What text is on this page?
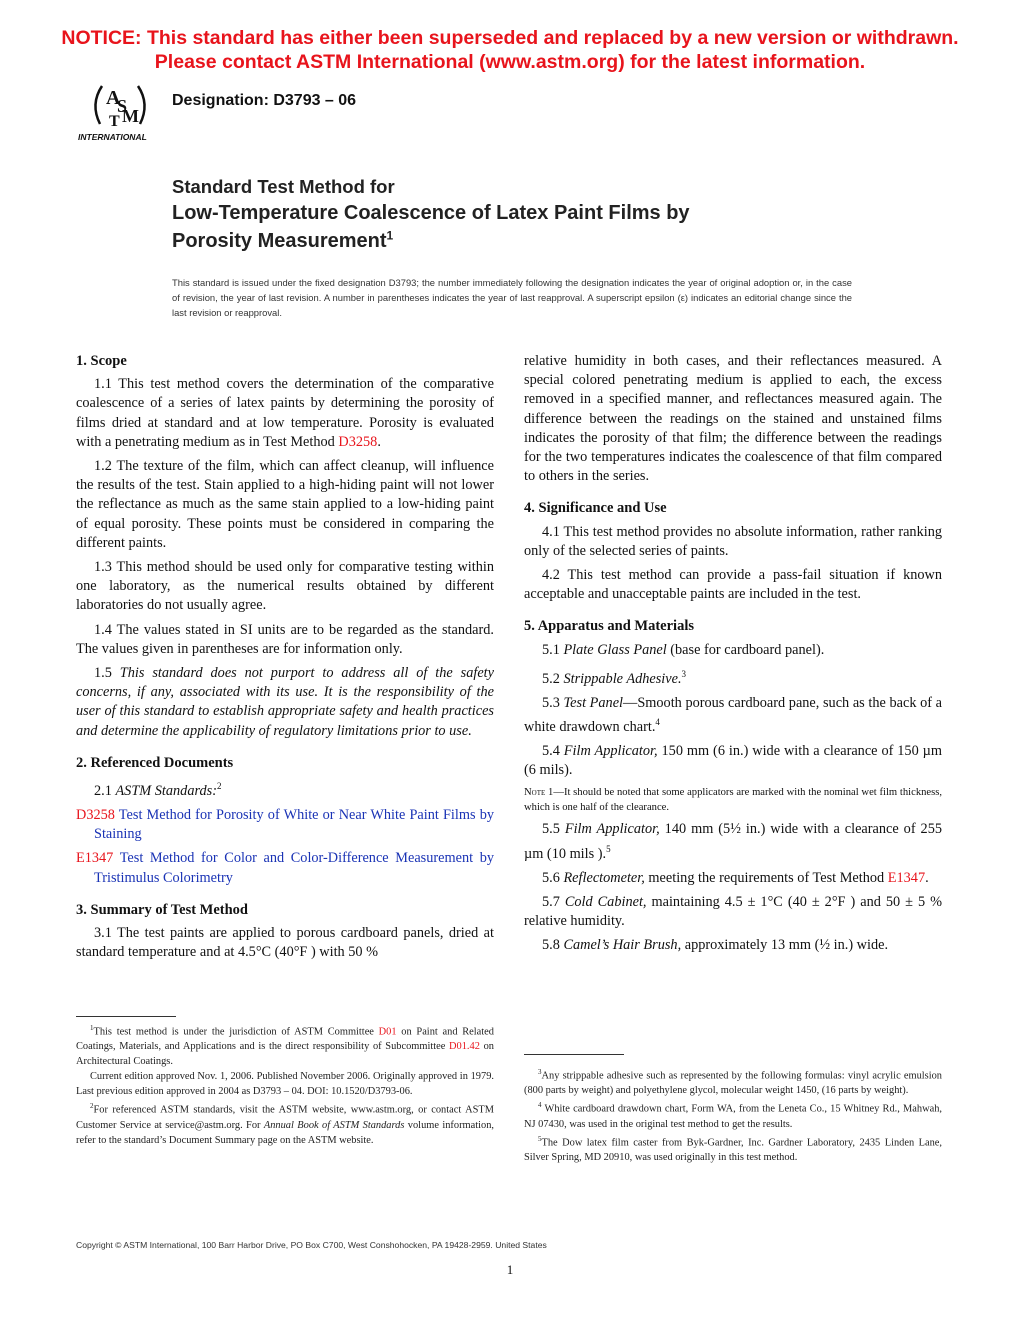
NOTICE: This standard has either been superseded and replaced by a new version or withdrawn.
Please contact ASTM International (www.astm.org) for the latest information.
A
S
T M
INTERNATIONAL
Designation: D3793 – 06
Standard Test Method for
Low-Temperature Coalescence of Latex Paint Films by
Porosity Measurement$^1$
This standard is issued under the fixed designation D3793; the number immediately following the designation indicates the year of original adoption or, in the case of revision, the year of last revision. A number in parentheses indicates the year of last reapproval. A superscript epsilon (ε) indicates an editorial change since the last revision or reapproval.
1. Scope

1.1 This test method covers the determination of the comparative coalescence of a series of latex paints by determining the porosity of films dried at standard and at low temperature. Porosity is evaluated with a penetrating medium as in Test Method D3258.

1.2 The texture of the film, which can affect cleanup, will influence the results of the test. Stain applied to a high-hiding paint will not lower the reflectance as much as the same stain applied to a low-hiding paint of equal porosity. These points must be considered in comparing the different paints.

1.3 This method should be used only for comparative testing within one laboratory, as the numerical results obtained by different laboratories do not usually agree.

1.4 The values stated in SI units are to be regarded as the standard. The values given in parentheses are for information only.

1.5 This standard does not purport to address all of the safety concerns, if any, associated with its use. It is the responsibility of the user of this standard to establish appropriate safety and health practices and determine the applicability of regulatory limitations prior to use.

2. Referenced Documents

2.1 ASTM Standards:$^2$

D3258 Test Method for Porosity of White or Near White Paint Films by Staining

E1347 Test Method for Color and Color-Difference Measurement by Tristimulus Colorimetry

3. Summary of Test Method

3.1 The test paints are applied to porous cardboard panels, dried at standard temperature and at 4.5°C (40°F ) with 50 %

$^1$This test method is under the jurisdiction of ASTM Committee D01 on Paint and Related Coatings, Materials, and Applications and is the direct responsibility of Subcommittee D01.42 on Architectural Coatings.

Current edition approved Nov. 1, 2006. Published November 2006. Originally approved in 1979. Last previous edition approved in 2004 as D3793 – 04. DOI: 10.1520/D3793-06.

$^2$For referenced ASTM standards, visit the ASTM website, www.astm.org, or contact ASTM Customer Service at service@astm.org. For Annual Book of ASTM Standards volume information, refer to the standard’s Document Summary page on the ASTM website.

relative humidity in both cases, and their reflectances measured. A special colored penetrating medium is applied to each, the excess removed in a specified manner, and reflectances measured again. The difference between the readings on the stained and unstained films indicates the porosity of that film; the difference between the readings for the two temperatures indicates the coalescence of that film compared to others in the series.

4. Significance and Use

4.1 This test method provides no absolute information, rather ranking only of the selected series of paints.

4.2 This test method can provide a pass-fail situation if known acceptable and unacceptable paints are included in the test.

5. Apparatus and Materials

5.1 Plate Glass Panel (base for cardboard panel).

5.2 Strippable Adhesive.$^3$

5.3 Test Panel—Smooth porous cardboard pane, such as the back of a white drawdown chart.$^4$

5.4 Film Applicator, 150 mm (6 in.) wide with a clearance of 150 µm (6 mils).

Note 1—It should be noted that some applicators are marked with the nominal wet film thickness, which is one half of the clearance.

5.5 Film Applicator, 140 mm (5½ in.) wide with a clearance of 255 µm (10 mils ).$^5$

5.6 Reflectometer, meeting the requirements of Test Method E1347.

5.7 Cold Cabinet, maintaining 4.5 ± 1°C (40 ± 2°F ) and 50 ± 5 % relative humidity.

5.8 Camel’s Hair Brush, approximately 13 mm (½ in.) wide.

$^3$Any strippable adhesive such as represented by the following formulas: vinyl acrylic emulsion (800 parts by weight) and polyethylene glycol, molecular weight 1450, (16 parts by weight).

$^4$ White cardboard drawdown chart, Form WA, from the Leneta Co., 15 Whitney Rd., Mahwah, NJ 07430, was used in the original test method to get the results.

$^5$The Dow latex film caster from Byk-Gardner, Inc. Gardner Laboratory, 2435 Linden Lane, Silver Spring, MD 20910, was used originally in this test method.

Copyright © ASTM International, 100 Barr Harbor Drive, PO Box C700, West Conshohocken, PA 19428-2959. United States
1
